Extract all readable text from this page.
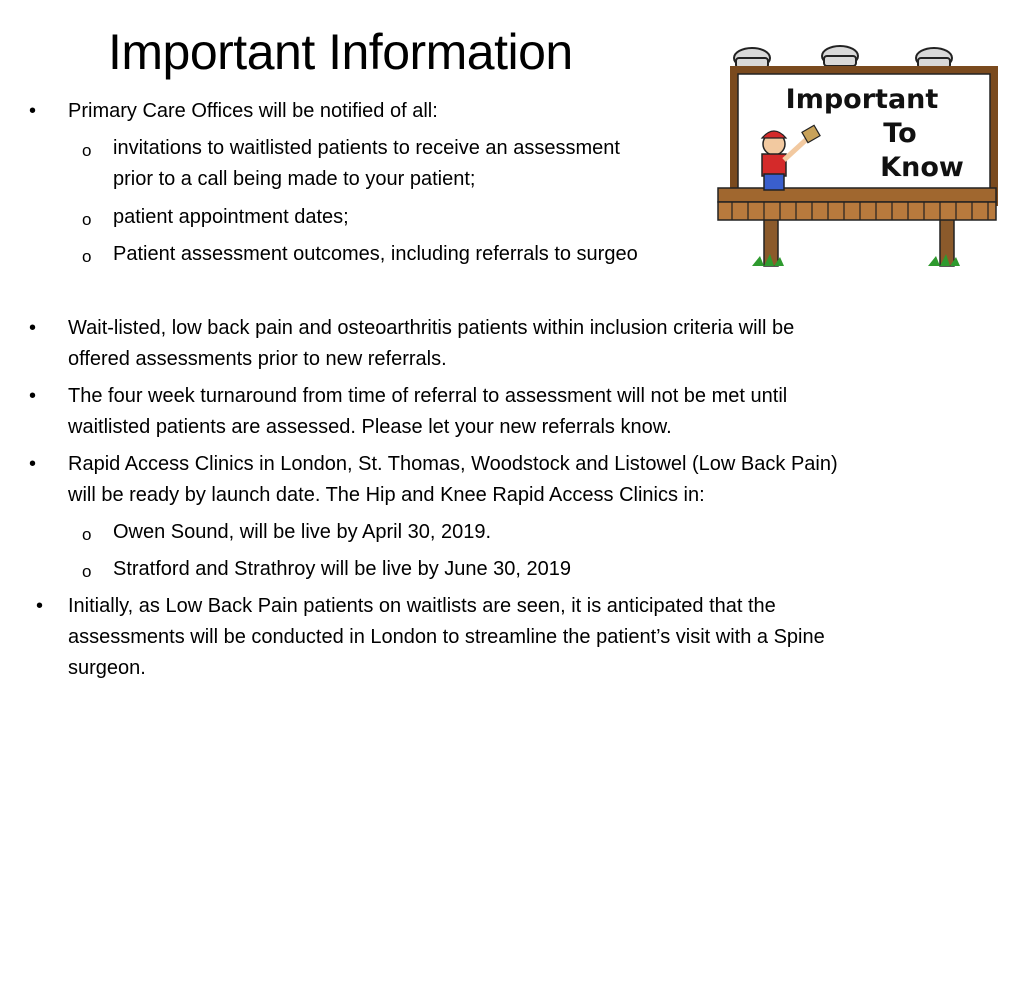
Important Information
Important
To
Know
• Primary Care Offices will be notified of all:
o invitations to waitlisted patients to receive an assessment
prior to a call being made to your patient;
o patient appointment dates;
o Patient assessment outcomes, including referrals to surgeo
• Wait-listed, low back pain and osteoarthritis patients within inclusion criteria will be
offered assessments prior to new referrals.
• The four week turnaround from time of referral to assessment will not be met until
waitlisted patients are assessed. Please let your new referrals know.
• Rapid Access Clinics in London, St. Thomas, Woodstock and Listowel (Low Back Pain)
will be ready by launch date. The Hip and Knee Rapid Access Clinics in:
o Owen Sound, will be live by April 30, 2019.
o Stratford and Strathroy will be live by June 30, 2019
• Initially, as Low Back Pain patients on waitlists are seen, it is anticipated that the
assessments will be conducted in London to streamline the patient’s visit with a Spine
surgeon.
